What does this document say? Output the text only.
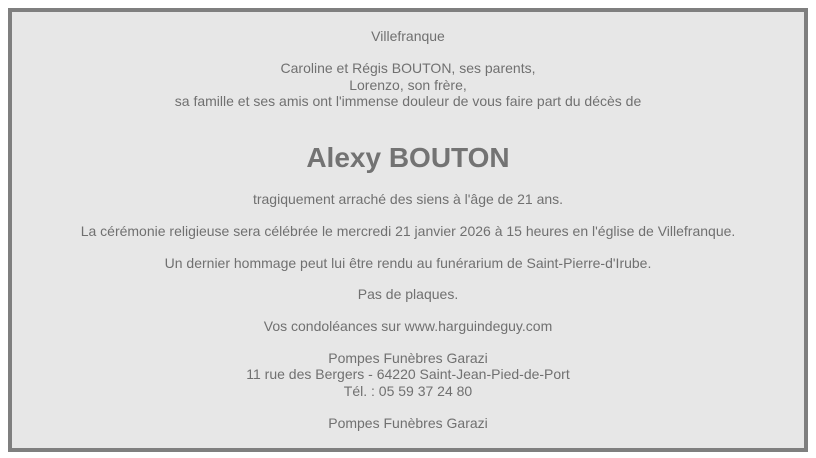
Villefranque
Caroline et Régis BOUTON, ses parents,
Lorenzo, son frère,
sa famille et ses amis ont l'immense douleur de vous faire part du décès de
Alexy BOUTON
tragiquement arraché des siens à l'âge de 21 ans.
La cérémonie religieuse sera célébrée le mercredi 21 janvier 2026 à 15 heures en l'église de Villefranque.
Un dernier hommage peut lui être rendu au funérarium de Saint-Pierre-d'Irube.
Pas de plaques.
Vos condoléances sur www.harguindeguy.com
Pompes Funèbres Garazi
11 rue des Bergers - 64220 Saint-Jean-Pied-de-Port
Tél. : 05 59 37 24 80
Pompes Funèbres Garazi
